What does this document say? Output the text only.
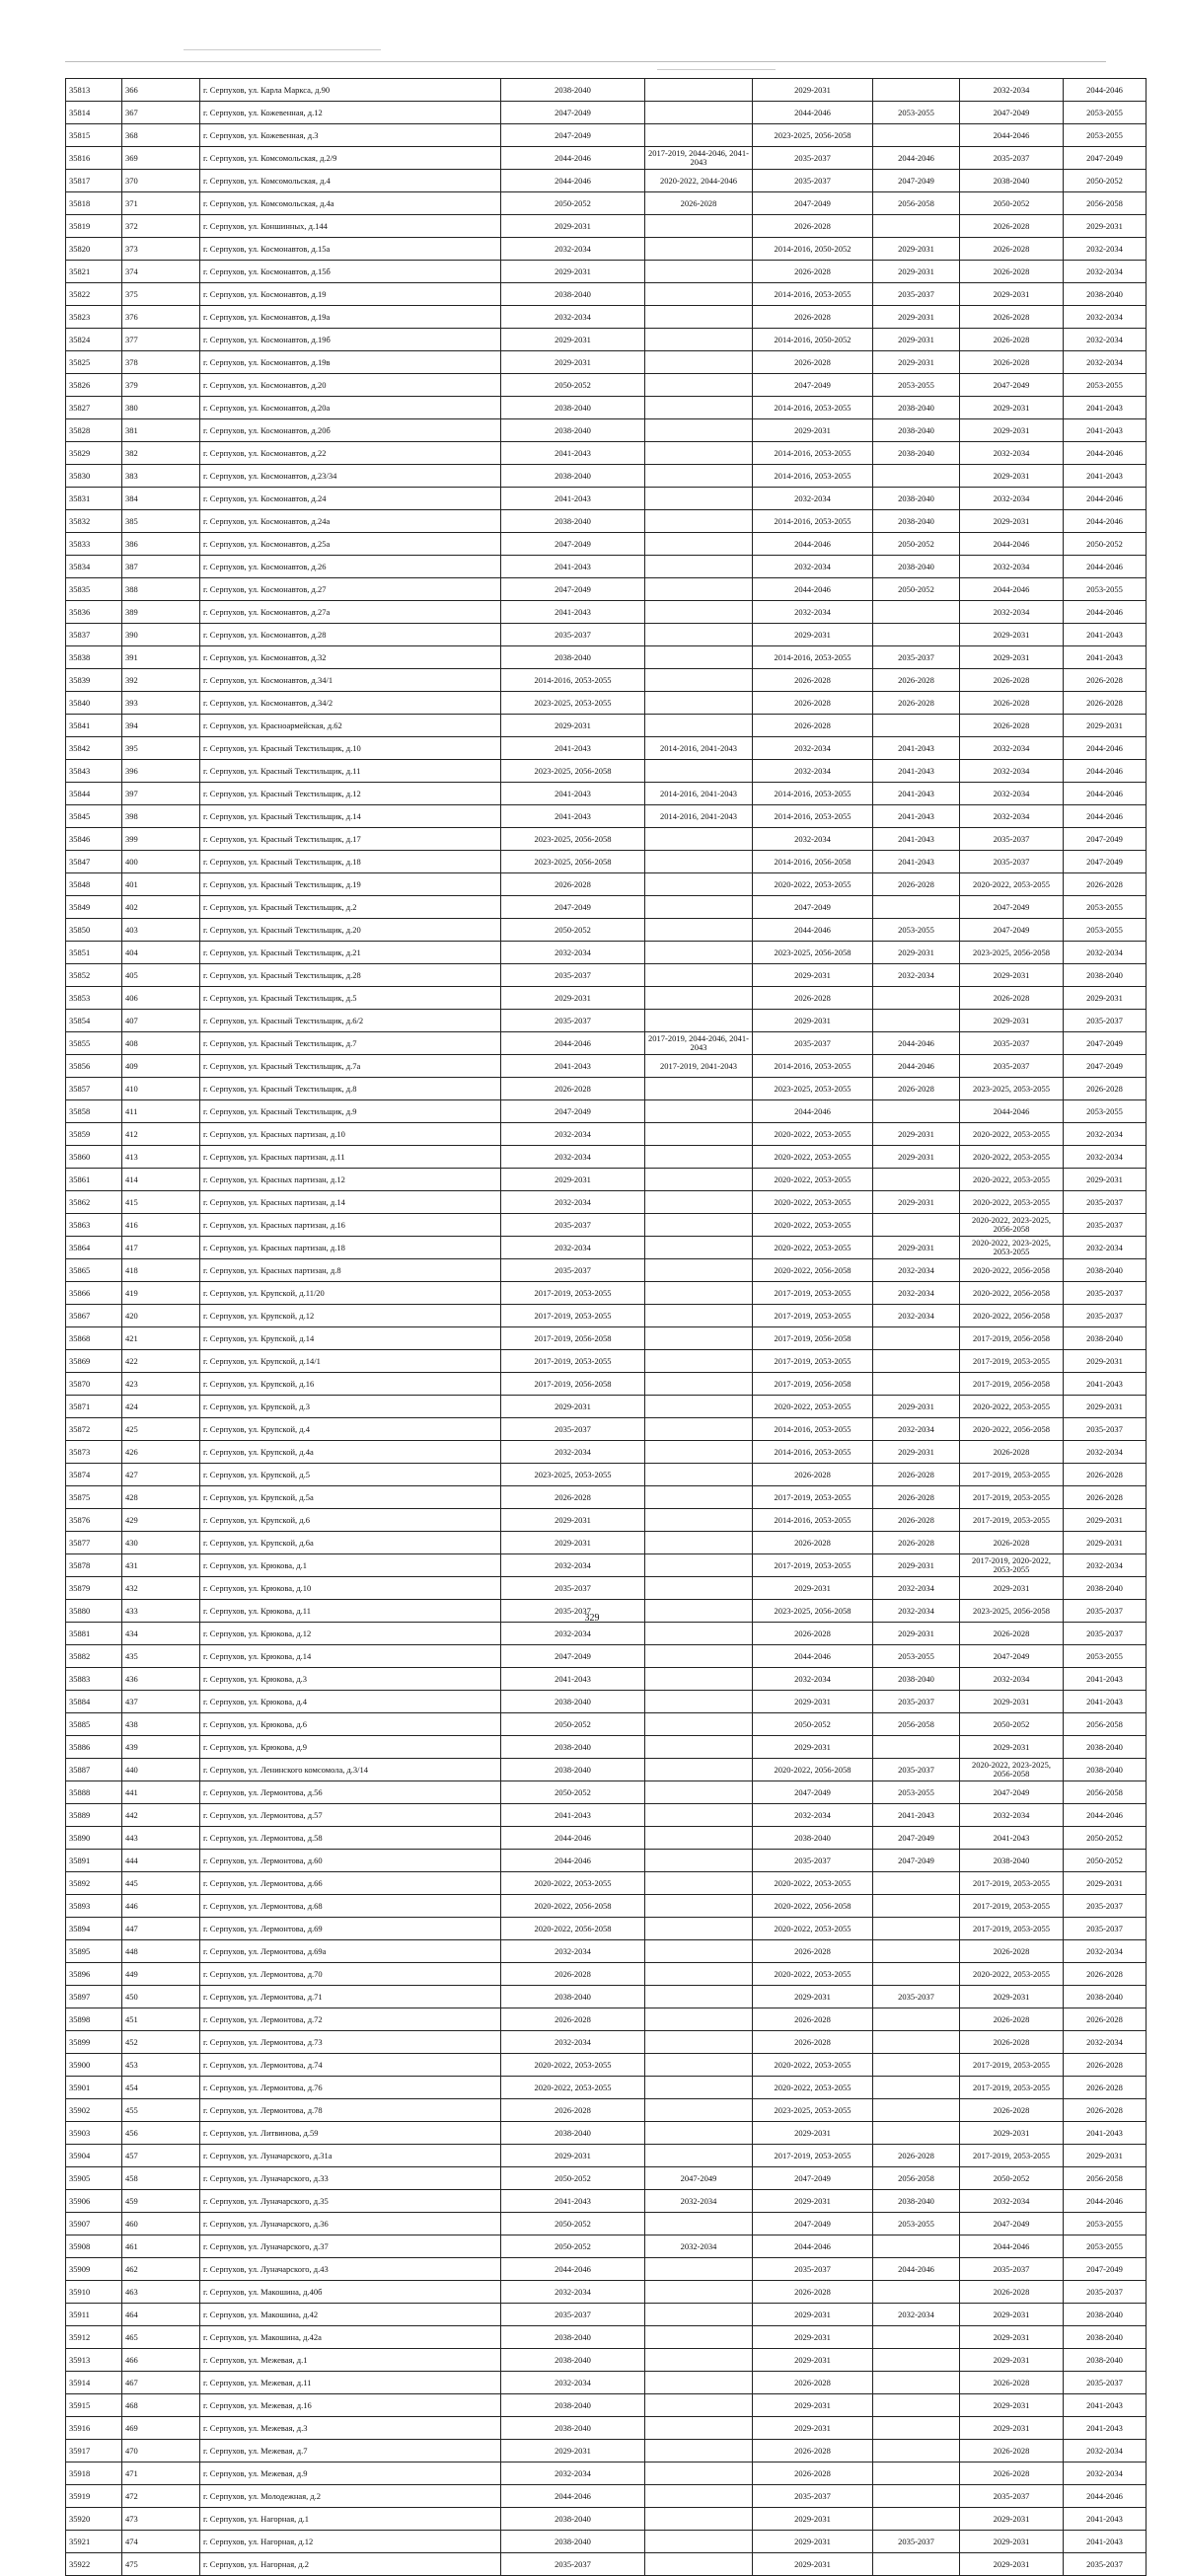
35813	366	г. Серпухов, ул. Карла Маркса, д.90	2038-2040		2029-2031		2032-2034	2044-2046
35814	367	г. Серпухов, ул. Кожевенная, д.12	2047-2049		2044-2046	2053-2055	2047-2049	2053-2055
35815	368	г. Серпухов, ул. Кожевенная, д.3	2047-2049		2023-2025, 2056-2058		2044-2046	2053-2055
35816	369	г. Серпухов, ул. Комсомольская, д.2/9	2044-2046	2017-2019, 2044-2046, 2041-2043	2035-2037	2044-2046	2035-2037	2047-2049
35817	370	г. Серпухов, ул. Комсомольская, д.4	2044-2046	2020-2022, 2044-2046	2035-2037	2047-2049	2038-2040	2050-2052
35818	371	г. Серпухов, ул. Комсомольская, д.4а	2050-2052	2026-2028	2047-2049	2056-2058	2050-2052	2056-2058
35819	372	г. Серпухов, ул. Коншинных, д.144	2029-2031		2026-2028		2026-2028	2029-2031
35820	373	г. Серпухов, ул. Космонавтов, д.15а	2032-2034		2014-2016, 2050-2052	2029-2031	2026-2028	2032-2034
35821	374	г. Серпухов, ул. Космонавтов, д.15б	2029-2031		2026-2028	2029-2031	2026-2028	2032-2034
35822	375	г. Серпухов, ул. Космонавтов, д.19	2038-2040		2014-2016, 2053-2055	2035-2037	2029-2031	2038-2040
35823	376	г. Серпухов, ул. Космонавтов, д.19а	2032-2034		2026-2028	2029-2031	2026-2028	2032-2034
35824	377	г. Серпухов, ул. Космонавтов, д.19б	2029-2031		2014-2016, 2050-2052	2029-2031	2026-2028	2032-2034
35825	378	г. Серпухов, ул. Космонавтов, д.19в	2029-2031		2026-2028	2029-2031	2026-2028	2032-2034
35826	379	г. Серпухов, ул. Космонавтов, д.20	2050-2052		2047-2049	2053-2055	2047-2049	2053-2055
35827	380	г. Серпухов, ул. Космонавтов, д.20а	2038-2040		2014-2016, 2053-2055	2038-2040	2029-2031	2041-2043
35828	381	г. Серпухов, ул. Космонавтов, д.20б	2038-2040		2029-2031	2038-2040	2029-2031	2041-2043
35829	382	г. Серпухов, ул. Космонавтов, д.22	2041-2043		2014-2016, 2053-2055	2038-2040	2032-2034	2044-2046
35830	383	г. Серпухов, ул. Космонавтов, д.23/34	2038-2040		2014-2016, 2053-2055		2029-2031	2041-2043
35831	384	г. Серпухов, ул. Космонавтов, д.24	2041-2043		2032-2034	2038-2040	2032-2034	2044-2046
35832	385	г. Серпухов, ул. Космонавтов, д.24а	2038-2040		2014-2016, 2053-2055	2038-2040	2029-2031	2044-2046
35833	386	г. Серпухов, ул. Космонавтов, д.25а	2047-2049		2044-2046	2050-2052	2044-2046	2050-2052
35834	387	г. Серпухов, ул. Космонавтов, д.26	2041-2043		2032-2034	2038-2040	2032-2034	2044-2046
35835	388	г. Серпухов, ул. Космонавтов, д.27	2047-2049		2044-2046	2050-2052	2044-2046	2053-2055
35836	389	г. Серпухов, ул. Космонавтов, д.27а	2041-2043		2032-2034		2032-2034	2044-2046
35837	390	г. Серпухов, ул. Космонавтов, д.28	2035-2037		2029-2031		2029-2031	2041-2043
35838	391	г. Серпухов, ул. Космонавтов, д.32	2038-2040		2014-2016, 2053-2055	2035-2037	2029-2031	2041-2043
35839	392	г. Серпухов, ул. Космонавтов, д.34/1	2014-2016, 2053-2055		2026-2028	2026-2028	2026-2028	2026-2028
35840	393	г. Серпухов, ул. Космонавтов, д.34/2	2023-2025, 2053-2055		2026-2028	2026-2028	2026-2028	2026-2028
35841	394	г. Серпухов, ул. Красноармейская, д.62	2029-2031		2026-2028		2026-2028	2029-2031
35842	395	г. Серпухов, ул. Красный Текстильщик, д.10	2041-2043	2014-2016, 2041-2043	2032-2034	2041-2043	2032-2034	2044-2046
35843	396	г. Серпухов, ул. Красный Текстильщик, д.11	2023-2025, 2056-2058		2032-2034	2041-2043	2032-2034	2044-2046
35844	397	г. Серпухов, ул. Красный Текстильщик, д.12	2041-2043	2014-2016, 2041-2043	2014-2016, 2053-2055	2041-2043	2032-2034	2044-2046
35845	398	г. Серпухов, ул. Красный Текстильщик, д.14	2041-2043	2014-2016, 2041-2043	2014-2016, 2053-2055	2041-2043	2032-2034	2044-2046
35846	399	г. Серпухов, ул. Красный Текстильщик, д.17	2023-2025, 2056-2058		2032-2034	2041-2043	2035-2037	2047-2049
35847	400	г. Серпухов, ул. Красный Текстильщик, д.18	2023-2025, 2056-2058		2014-2016, 2056-2058	2041-2043	2035-2037	2047-2049
35848	401	г. Серпухов, ул. Красный Текстильщик, д.19	2026-2028		2020-2022, 2053-2055	2026-2028	2020-2022, 2053-2055	2026-2028
35849	402	г. Серпухов, ул. Красный Текстильщик, д.2	2047-2049		2047-2049		2047-2049	2053-2055
35850	403	г. Серпухов, ул. Красный Текстильщик, д.20	2050-2052		2044-2046	2053-2055	2047-2049	2053-2055
35851	404	г. Серпухов, ул. Красный Текстильщик, д.21	2032-2034		2023-2025, 2056-2058	2029-2031	2023-2025, 2056-2058	2032-2034
35852	405	г. Серпухов, ул. Красный Текстильщик, д.28	2035-2037		2029-2031	2032-2034	2029-2031	2038-2040
35853	406	г. Серпухов, ул. Красный Текстильщик, д.5	2029-2031		2026-2028		2026-2028	2029-2031
35854	407	г. Серпухов, ул. Красный Текстильщик, д.6/2	2035-2037		2029-2031		2029-2031	2035-2037
35855	408	г. Серпухов, ул. Красный Текстильщик, д.7	2044-2046	2017-2019, 2044-2046, 2041-2043	2035-2037	2044-2046	2035-2037	2047-2049
35856	409	г. Серпухов, ул. Красный Текстильщик, д.7а	2041-2043	2017-2019, 2041-2043	2014-2016, 2053-2055	2044-2046	2035-2037	2047-2049
35857	410	г. Серпухов, ул. Красный Текстильщик, д.8	2026-2028		2023-2025, 2053-2055	2026-2028	2023-2025, 2053-2055	2026-2028
35858	411	г. Серпухов, ул. Красный Текстильщик, д.9	2047-2049		2044-2046		2044-2046	2053-2055
35859	412	г. Серпухов, ул. Красных партизан, д.10	2032-2034		2020-2022, 2053-2055	2029-2031	2020-2022, 2053-2055	2032-2034
35860	413	г. Серпухов, ул. Красных партизан, д.11	2032-2034		2020-2022, 2053-2055	2029-2031	2020-2022, 2053-2055	2032-2034
35861	414	г. Серпухов, ул. Красных партизан, д.12	2029-2031		2020-2022, 2053-2055		2020-2022, 2053-2055	2029-2031
35862	415	г. Серпухов, ул. Красных партизан, д.14	2032-2034		2020-2022, 2053-2055	2029-2031	2020-2022, 2053-2055	2035-2037
35863	416	г. Серпухов, ул. Красных партизан, д.16	2035-2037		2020-2022, 2053-2055		2020-2022, 2023-2025, 2056-2058	2035-2037
35864	417	г. Серпухов, ул. Красных партизан, д.18	2032-2034		2020-2022, 2053-2055	2029-2031	2020-2022, 2023-2025, 2053-2055	2032-2034
35865	418	г. Серпухов, ул. Красных партизан, д.8	2035-2037		2020-2022, 2056-2058	2032-2034	2020-2022, 2056-2058	2038-2040
35866	419	г. Серпухов, ул. Крупской, д.11/20	2017-2019, 2053-2055		2017-2019, 2053-2055	2032-2034	2020-2022, 2056-2058	2035-2037
35867	420	г. Серпухов, ул. Крупской, д.12	2017-2019, 2053-2055		2017-2019, 2053-2055	2032-2034	2020-2022, 2056-2058	2035-2037
35868	421	г. Серпухов, ул. Крупской, д.14	2017-2019, 2056-2058		2017-2019, 2056-2058		2017-2019, 2056-2058	2038-2040
35869	422	г. Серпухов, ул. Крупской, д.14/1	2017-2019, 2053-2055		2017-2019, 2053-2055		2017-2019, 2053-2055	2029-2031
35870	423	г. Серпухов, ул. Крупской, д.16	2017-2019, 2056-2058		2017-2019, 2056-2058		2017-2019, 2056-2058	2041-2043
35871	424	г. Серпухов, ул. Крупской, д.3	2029-2031		2020-2022, 2053-2055	2029-2031	2020-2022, 2053-2055	2029-2031
35872	425	г. Серпухов, ул. Крупской, д.4	2035-2037		2014-2016, 2053-2055	2032-2034	2020-2022, 2056-2058	2035-2037
35873	426	г. Серпухов, ул. Крупской, д.4а	2032-2034		2014-2016, 2053-2055	2029-2031	2026-2028	2032-2034
35874	427	г. Серпухов, ул. Крупской, д.5	2023-2025, 2053-2055		2026-2028	2026-2028	2017-2019, 2053-2055	2026-2028
35875	428	г. Серпухов, ул. Крупской, д.5а	2026-2028		2017-2019, 2053-2055	2026-2028	2017-2019, 2053-2055	2026-2028
35876	429	г. Серпухов, ул. Крупской, д.6	2029-2031		2014-2016, 2053-2055	2026-2028	2017-2019, 2053-2055	2029-2031
35877	430	г. Серпухов, ул. Крупской, д.6а	2029-2031		2026-2028	2026-2028	2026-2028	2029-2031
35878	431	г. Серпухов, ул. Крюкова, д.1	2032-2034		2017-2019, 2053-2055	2029-2031	2017-2019, 2020-2022, 2053-2055	2032-2034
35879	432	г. Серпухов, ул. Крюкова, д.10	2035-2037		2029-2031	2032-2034	2029-2031	2038-2040
35880	433	г. Серпухов, ул. Крюкова, д.11	2035-2037		2023-2025, 2056-2058	2032-2034	2023-2025, 2056-2058	2035-2037
35881	434	г. Серпухов, ул. Крюкова, д.12	2032-2034		2026-2028	2029-2031	2026-2028	2035-2037
35882	435	г. Серпухов, ул. Крюкова, д.14	2047-2049		2044-2046	2053-2055	2047-2049	2053-2055
35883	436	г. Серпухов, ул. Крюкова, д.3	2041-2043		2032-2034	2038-2040	2032-2034	2041-2043
35884	437	г. Серпухов, ул. Крюкова, д.4	2038-2040		2029-2031	2035-2037	2029-2031	2041-2043
35885	438	г. Серпухов, ул. Крюкова, д.6	2050-2052		2050-2052	2056-2058	2050-2052	2056-2058
35886	439	г. Серпухов, ул. Крюкова, д.9	2038-2040		2029-2031		2029-2031	2038-2040
35887	440	г. Серпухов, ул. Ленинского комсомола, д.3/14	2038-2040		2020-2022, 2056-2058	2035-2037	2020-2022, 2023-2025, 2056-2058	2038-2040
35888	441	г. Серпухов, ул. Лермонтова, д.56	2050-2052		2047-2049	2053-2055	2047-2049	2056-2058
35889	442	г. Серпухов, ул. Лермонтова, д.57	2041-2043		2032-2034	2041-2043	2032-2034	2044-2046
35890	443	г. Серпухов, ул. Лермонтова, д.58	2044-2046		2038-2040	2047-2049	2041-2043	2050-2052
35891	444	г. Серпухов, ул. Лермонтова, д.60	2044-2046		2035-2037	2047-2049	2038-2040	2050-2052
35892	445	г. Серпухов, ул. Лермонтова, д.66	2020-2022, 2053-2055		2020-2022, 2053-2055		2017-2019, 2053-2055	2029-2031
35893	446	г. Серпухов, ул. Лермонтова, д.68	2020-2022, 2056-2058		2020-2022, 2056-2058		2017-2019, 2053-2055	2035-2037
35894	447	г. Серпухов, ул. Лермонтова, д.69	2020-2022, 2056-2058		2020-2022, 2053-2055		2017-2019, 2053-2055	2035-2037
35895	448	г. Серпухов, ул. Лермонтова, д.69а	2032-2034		2026-2028		2026-2028	2032-2034
35896	449	г. Серпухов, ул. Лермонтова, д.70	2026-2028		2020-2022, 2053-2055		2020-2022, 2053-2055	2026-2028
35897	450	г. Серпухов, ул. Лермонтова, д.71	2038-2040		2029-2031	2035-2037	2029-2031	2038-2040
35898	451	г. Серпухов, ул. Лермонтова, д.72	2026-2028		2026-2028		2026-2028	2026-2028
35899	452	г. Серпухов, ул. Лермонтова, д.73	2032-2034		2026-2028		2026-2028	2032-2034
35900	453	г. Серпухов, ул. Лермонтова, д.74	2020-2022, 2053-2055		2020-2022, 2053-2055		2017-2019, 2053-2055	2026-2028
35901	454	г. Серпухов, ул. Лермонтова, д.76	2020-2022, 2053-2055		2020-2022, 2053-2055		2017-2019, 2053-2055	2026-2028
35902	455	г. Серпухов, ул. Лермонтова, д.78	2026-2028		2023-2025, 2053-2055		2026-2028	2026-2028
35903	456	г. Серпухов, ул. Литвинова, д.59	2038-2040		2029-2031		2029-2031	2041-2043
35904	457	г. Серпухов, ул. Луначарского, д.31а	2029-2031		2017-2019, 2053-2055	2026-2028	2017-2019, 2053-2055	2029-2031
35905	458	г. Серпухов, ул. Луначарского, д.33	2050-2052	2047-2049	2047-2049	2056-2058	2050-2052	2056-2058
35906	459	г. Серпухов, ул. Луначарского, д.35	2041-2043	2032-2034	2029-2031	2038-2040	2032-2034	2044-2046
35907	460	г. Серпухов, ул. Луначарского, д.36	2050-2052		2047-2049	2053-2055	2047-2049	2053-2055
35908	461	г. Серпухов, ул. Луначарского, д.37	2050-2052	2032-2034	2044-2046		2044-2046	2053-2055
35909	462	г. Серпухов, ул. Луначарского, д.43	2044-2046		2035-2037	2044-2046	2035-2037	2047-2049
35910	463	г. Серпухов, ул. Макошина, д.40б	2032-2034		2026-2028		2026-2028	2035-2037
35911	464	г. Серпухов, ул. Макошина, д.42	2035-2037		2029-2031	2032-2034	2029-2031	2038-2040
35912	465	г. Серпухов, ул. Макошина, д.42а	2038-2040		2029-2031		2029-2031	2038-2040
35913	466	г. Серпухов, ул. Межевая, д.1	2038-2040		2029-2031		2029-2031	2038-2040
35914	467	г. Серпухов, ул. Межевая, д.11	2032-2034		2026-2028		2026-2028	2035-2037
35915	468	г. Серпухов, ул. Межевая, д.16	2038-2040		2029-2031		2029-2031	2041-2043
35916	469	г. Серпухов, ул. Межевая, д.3	2038-2040		2029-2031		2029-2031	2041-2043
35917	470	г. Серпухов, ул. Межевая, д.7	2029-2031		2026-2028		2026-2028	2032-2034
35918	471	г. Серпухов, ул. Межевая, д.9	2032-2034		2026-2028		2026-2028	2032-2034
35919	472	г. Серпухов, ул. Молодежная, д.2	2044-2046		2035-2037		2035-2037	2044-2046
35920	473	г. Серпухов, ул. Нагорная, д.1	2038-2040		2029-2031		2029-2031	2041-2043
35921	474	г. Серпухов, ул. Нагорная, д.12	2038-2040		2029-2031	2035-2037	2029-2031	2041-2043
35922	475	г. Серпухов, ул. Нагорная, д.2	2035-2037		2029-2031		2029-2031	2035-2037
329
